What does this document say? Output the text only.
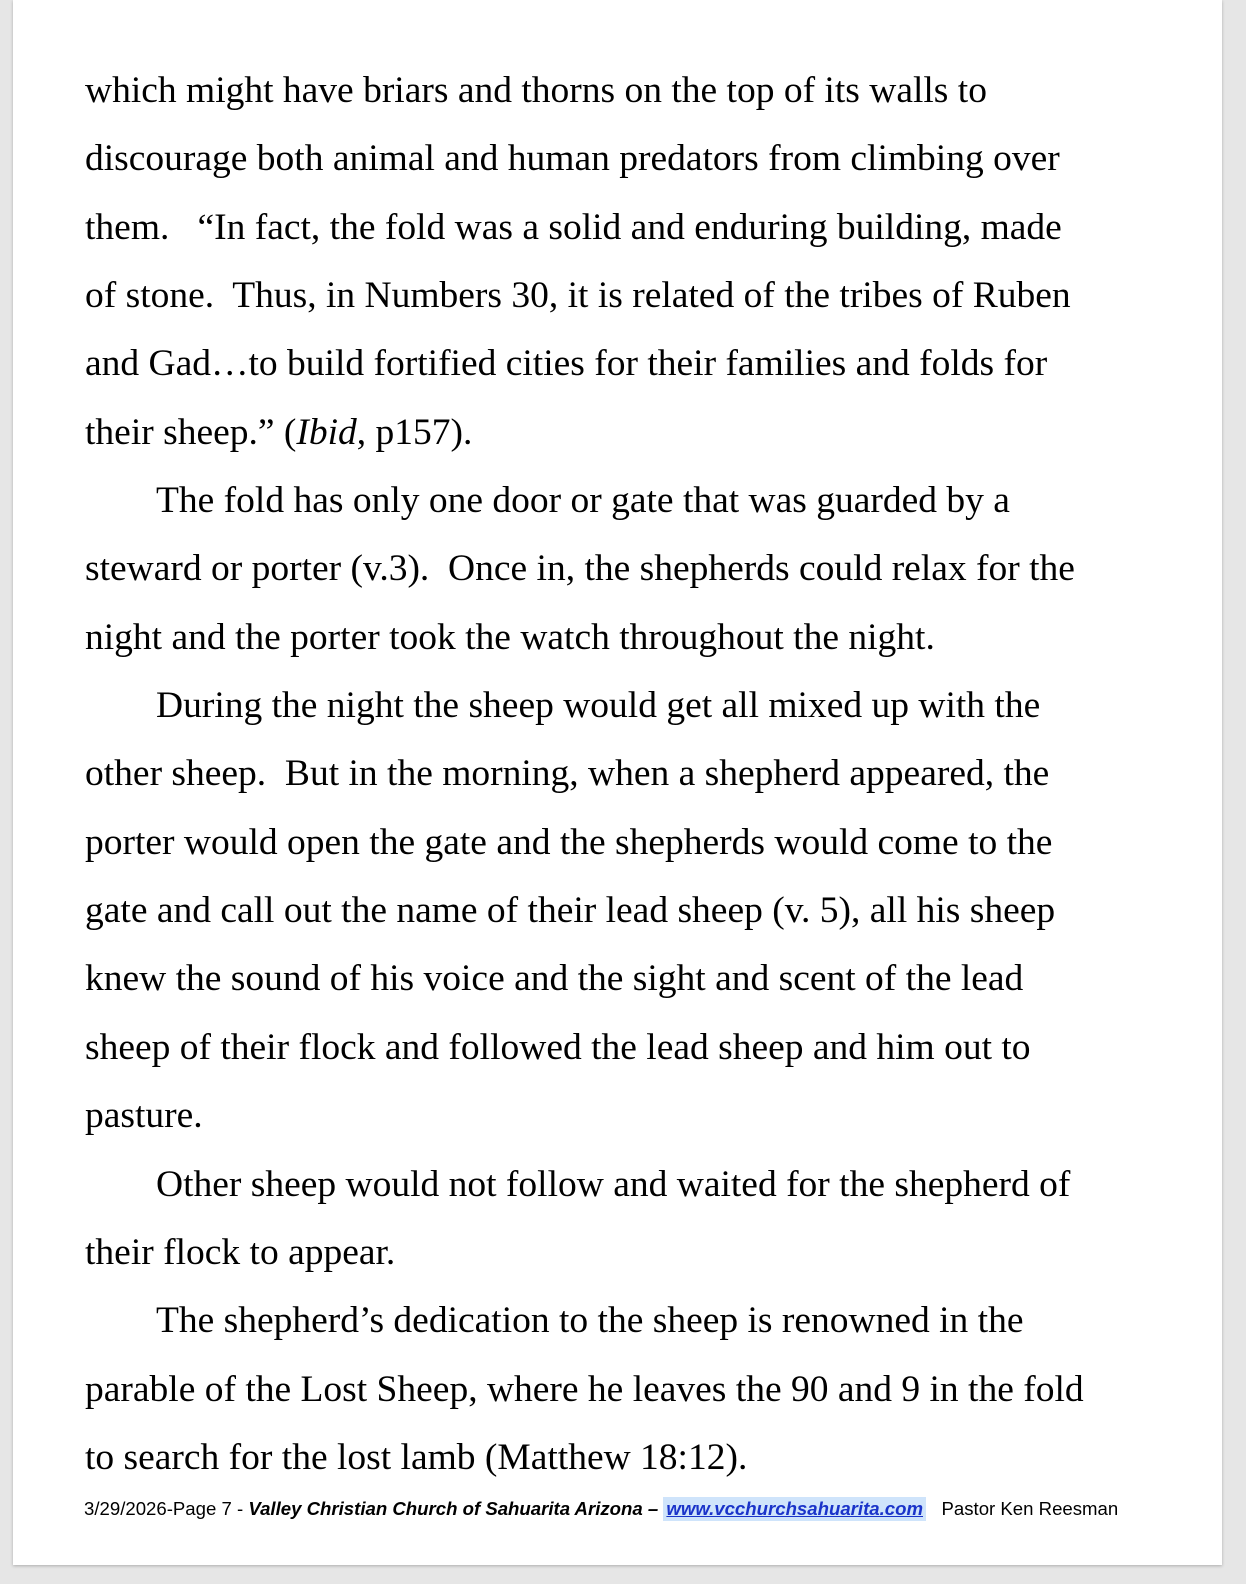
which might have briars and thorns on the top of its walls to
discourage both animal and human predators from climbing over
them.   “In fact, the fold was a solid and enduring building, made
of stone.  Thus, in Numbers 30, it is related of the tribes of Ruben
and Gad…to build fortified cities for their families and folds for
their sheep.” (Ibid, p157).
The fold has only one door or gate that was guarded by a
steward or porter (v.3).  Once in, the shepherds could relax for the
night and the porter took the watch throughout the night.
During the night the sheep would get all mixed up with the
other sheep.  But in the morning, when a shepherd appeared, the
porter would open the gate and the shepherds would come to the
gate and call out the name of their lead sheep (v. 5), all his sheep
knew the sound of his voice and the sight and scent of the lead
sheep of their flock and followed the lead sheep and him out to
pasture.
Other sheep would not follow and waited for the shepherd of
their flock to appear.
The shepherd’s dedication to the sheep is renowned in the
parable of the Lost Sheep, where he leaves the 90 and 9 in the fold
to search for the lost lamb (Matthew 18:12).
3/29/2026-Page 7 - Valley Christian Church of Sahuarita Arizona – www.vcchurchsahuarita.com Pastor Ken Reesman
